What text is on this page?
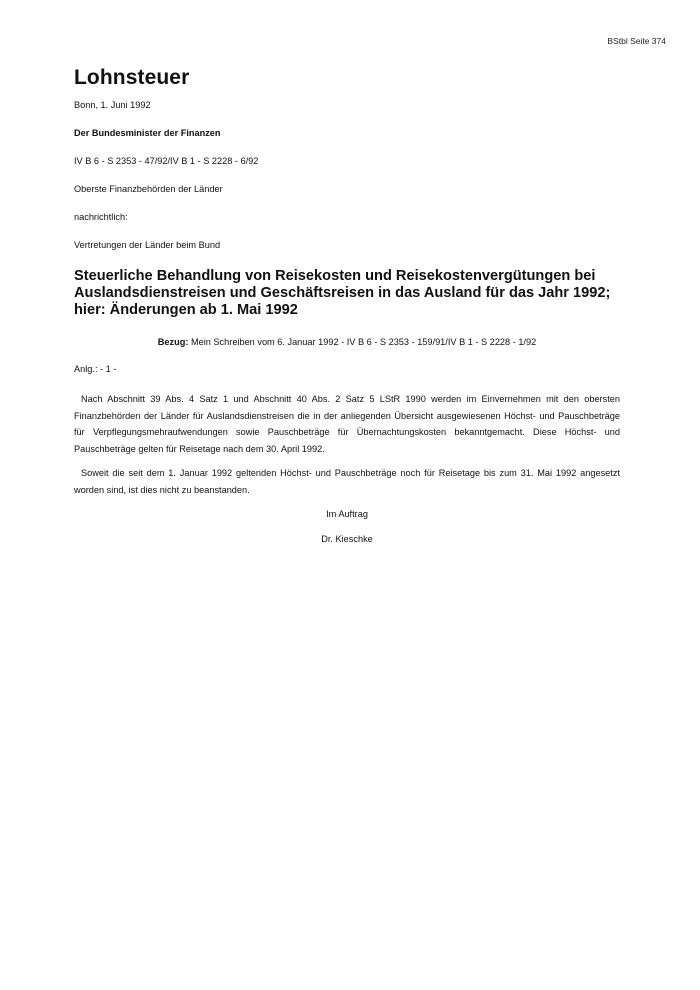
BStbl Seite 374
Lohnsteuer
Bonn, 1. Juni 1992
Der Bundesminister der Finanzen
IV B 6 - S 2353 - 47/92/IV B 1 - S 2228 - 6/92
Oberste Finanzbehörden der Länder
nachrichtlich:
Vertretungen der Länder beim Bund
Steuerliche Behandlung von Reisekosten und Reisekostenvergütungen bei Auslandsdienstreisen und Geschäftsreisen in das Ausland für das Jahr 1992; hier: Änderungen ab 1. Mai 1992
Bezug: Mein Schreiben vom 6. Januar 1992 - IV B 6 - S 2353 - 159/91/IV B 1 - S 2228 - 1/92
Anlg.: - 1 -

Nach Abschnitt 39 Abs. 4 Satz 1 und Abschnitt 40 Abs. 2 Satz 5 LStR 1990 werden im Einvernehmen mit den obersten Finanzbehörden der Länder für Auslandsdienstreisen die in der anliegenden Übersicht ausgewiesenen Höchst- und Pauschbeträge für Verpflegungsmehraufwendungen sowie Pauschbeträge für Übernachtungskosten bekanntgemacht. Diese Höchst- und Pauschbeträge gelten für Reisetage nach dem 30. April 1992.

Soweit die seit dem 1. Januar 1992 geltenden Höchst- und Pauschbeträge noch für Reisetage bis zum 31. Mai 1992 angesetzt worden sind, ist dies nicht zu beanstanden.

Im Auftrag
Dr. Kieschke
